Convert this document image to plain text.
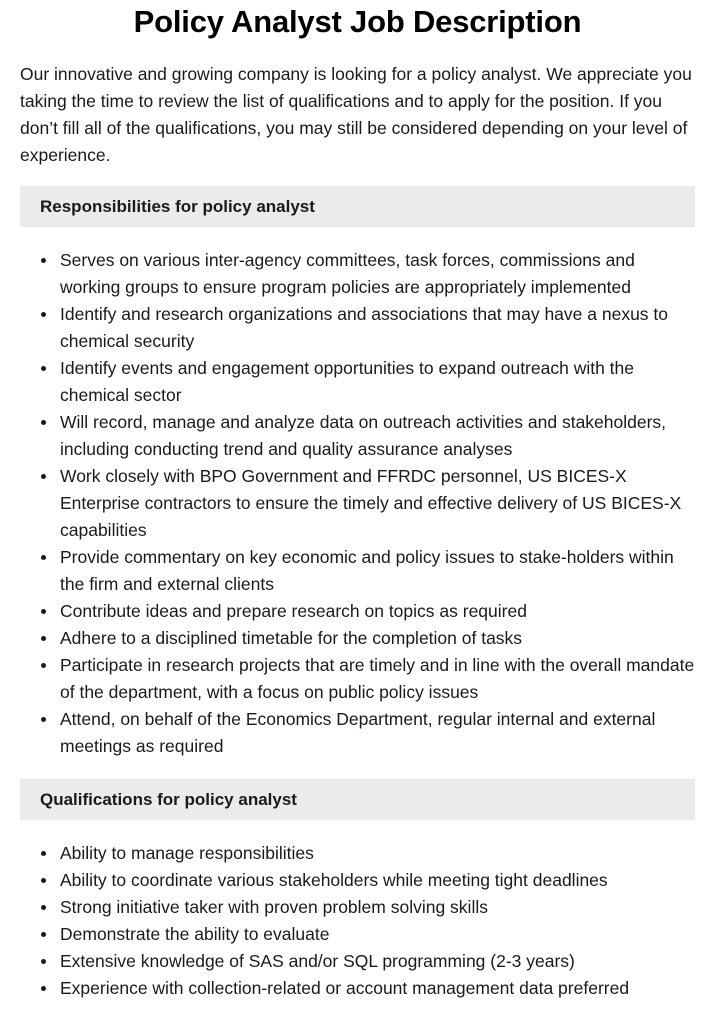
Policy Analyst Job Description

Our innovative and growing company is looking for a policy analyst. We appreciate you taking the time to review the list of qualifications and to apply for the position. If you don’t fill all of the qualifications, you may still be considered depending on your level of experience.

Responsibilities for policy analyst
Serves on various inter-agency committees, task forces, commissions and working groups to ensure program policies are appropriately implemented
Identify and research organizations and associations that may have a nexus to chemical security
Identify events and engagement opportunities to expand outreach with the chemical sector
Will record, manage and analyze data on outreach activities and stakeholders, including conducting trend and quality assurance analyses
Work closely with BPO Government and FFRDC personnel, US BICES-X Enterprise contractors to ensure the timely and effective delivery of US BICES-X capabilities
Provide commentary on key economic and policy issues to stake-holders within the firm and external clients
Contribute ideas and prepare research on topics as required
Adhere to a disciplined timetable for the completion of tasks
Participate in research projects that are timely and in line with the overall mandate of the department, with a focus on public policy issues
Attend, on behalf of the Economics Department, regular internal and external meetings as required
Qualifications for policy analyst
Ability to manage responsibilities
Ability to coordinate various stakeholders while meeting tight deadlines
Strong initiative taker with proven problem solving skills
Demonstrate the ability to evaluate
Extensive knowledge of SAS and/or SQL programming (2-3 years)
Experience with collection-related or account management data preferred
